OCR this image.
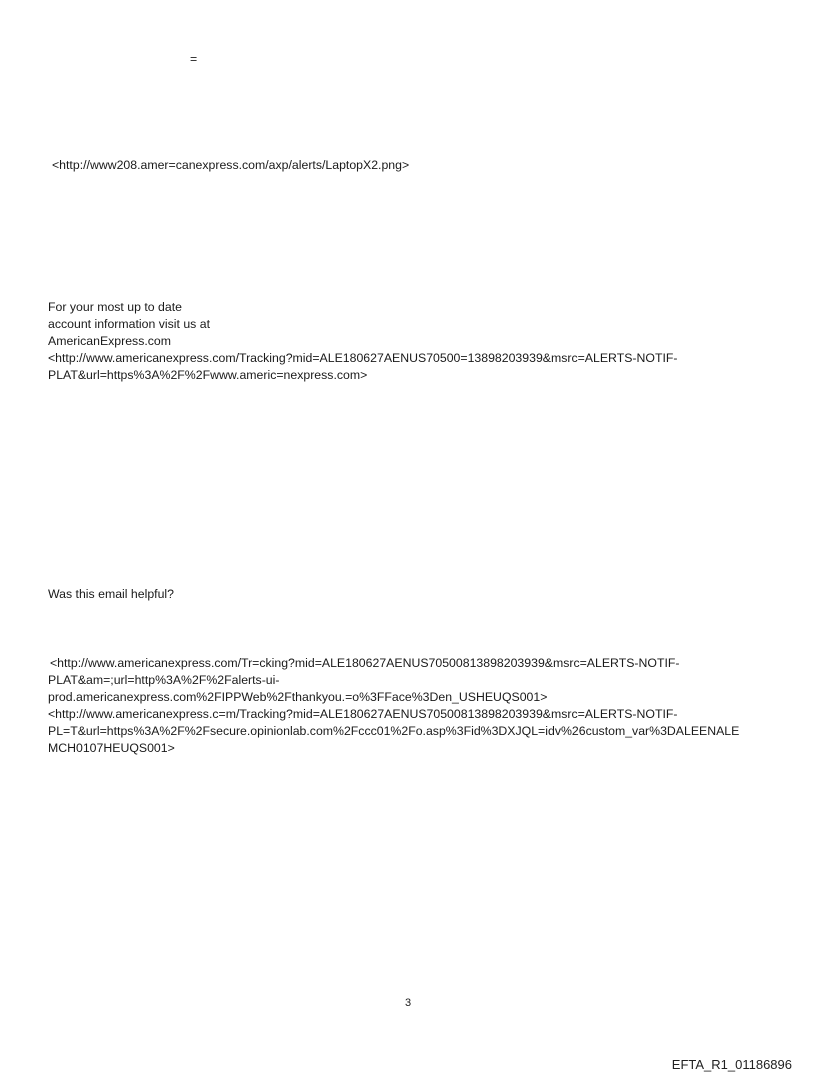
=

<http://www208.amer=canexpress.com/axp/alerts/LaptopX2.png>

For your most up to date

account information visit us at

AmericanExpress.com

<http://www.americanexpress.com/Tracking?mid=ALE180627AENUS70500=13898203939&msrc=ALERTS-NOTIF-

PLAT&url=https%3A%2F%2Fwww.americ=nexpress.com>

Was this email helpful?

<http://www.americanexpress.com/Tr=cking?mid=ALE180627AENUS70500813898203939&msrc=ALERTS-NOTIF-

PLAT&am=;url=http%3A%2F%2Falerts-ui-

prod.americanexpress.com%2FIPPWeb%2Fthankyou.=o%3FFace%3Den_USHEUQS001>

<http://www.americanexpress.c=m/Tracking?mid=ALE180627AENUS70500813898203939&msrc=ALERTS-NOTIF-

PL=T&url=https%3A%2F%2Fsecure.opinionlab.com%2Fccc01%2Fo.asp%3Fid%3DXJQL=idv%26custom_var%3DALEENALE

MCH0107HEUQS001>

3
EFTA_R1_01186896
